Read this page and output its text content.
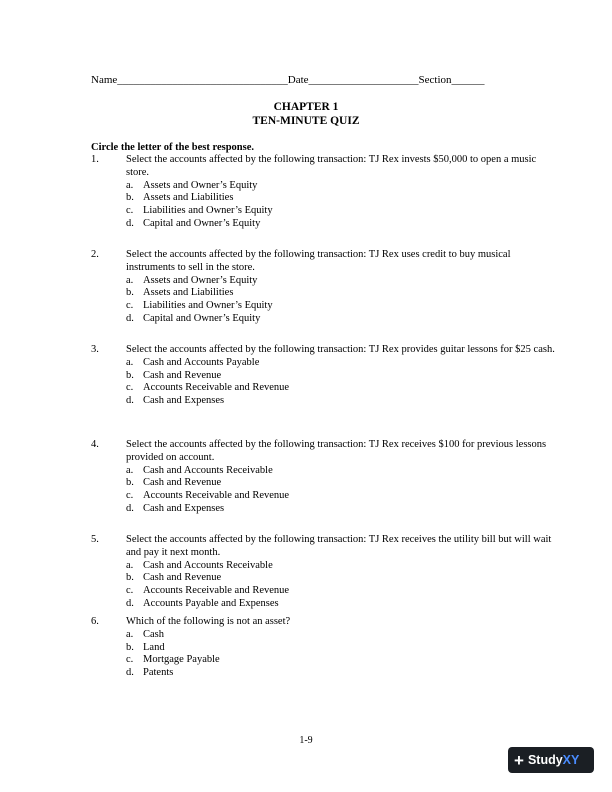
Name_______________________________Date____________________Section______
CHAPTER 1
TEN-MINUTE QUIZ
Circle the letter of the best response.
1.	Select the accounts affected by the following transaction: TJ Rex invests $50,000 to open a music store.
a. Assets and Owner’s Equity
b. Assets and Liabilities
c. Liabilities and Owner’s Equity
d. Capital and Owner’s Equity
2.	Select the accounts affected by the following transaction: TJ Rex uses credit to buy musical instruments to sell in the store.
a. Assets and Owner’s Equity
b. Assets and Liabilities
c. Liabilities and Owner’s Equity
d. Capital and Owner’s Equity
3.	Select the accounts affected by the following transaction: TJ Rex provides guitar lessons for $25 cash.
a. Cash and Accounts Payable
b. Cash and Revenue
c. Accounts Receivable and Revenue
d. Cash and Expenses
4.	Select the accounts affected by the following transaction: TJ Rex receives $100 for previous lessons provided on account.
a. Cash and Accounts Receivable
b. Cash and Revenue
c. Accounts Receivable and Revenue
d. Cash and Expenses
5.	Select the accounts affected by the following transaction: TJ Rex receives the utility bill but will wait and pay it next month.
a. Cash and Accounts Receivable
b. Cash and Revenue
c. Accounts Receivable and Revenue
d. Accounts Payable and Expenses
6.	Which of the following is not an asset?
a. Cash
b. Land
c. Mortgage Payable
d. Patents
1-9
+ Study XY
